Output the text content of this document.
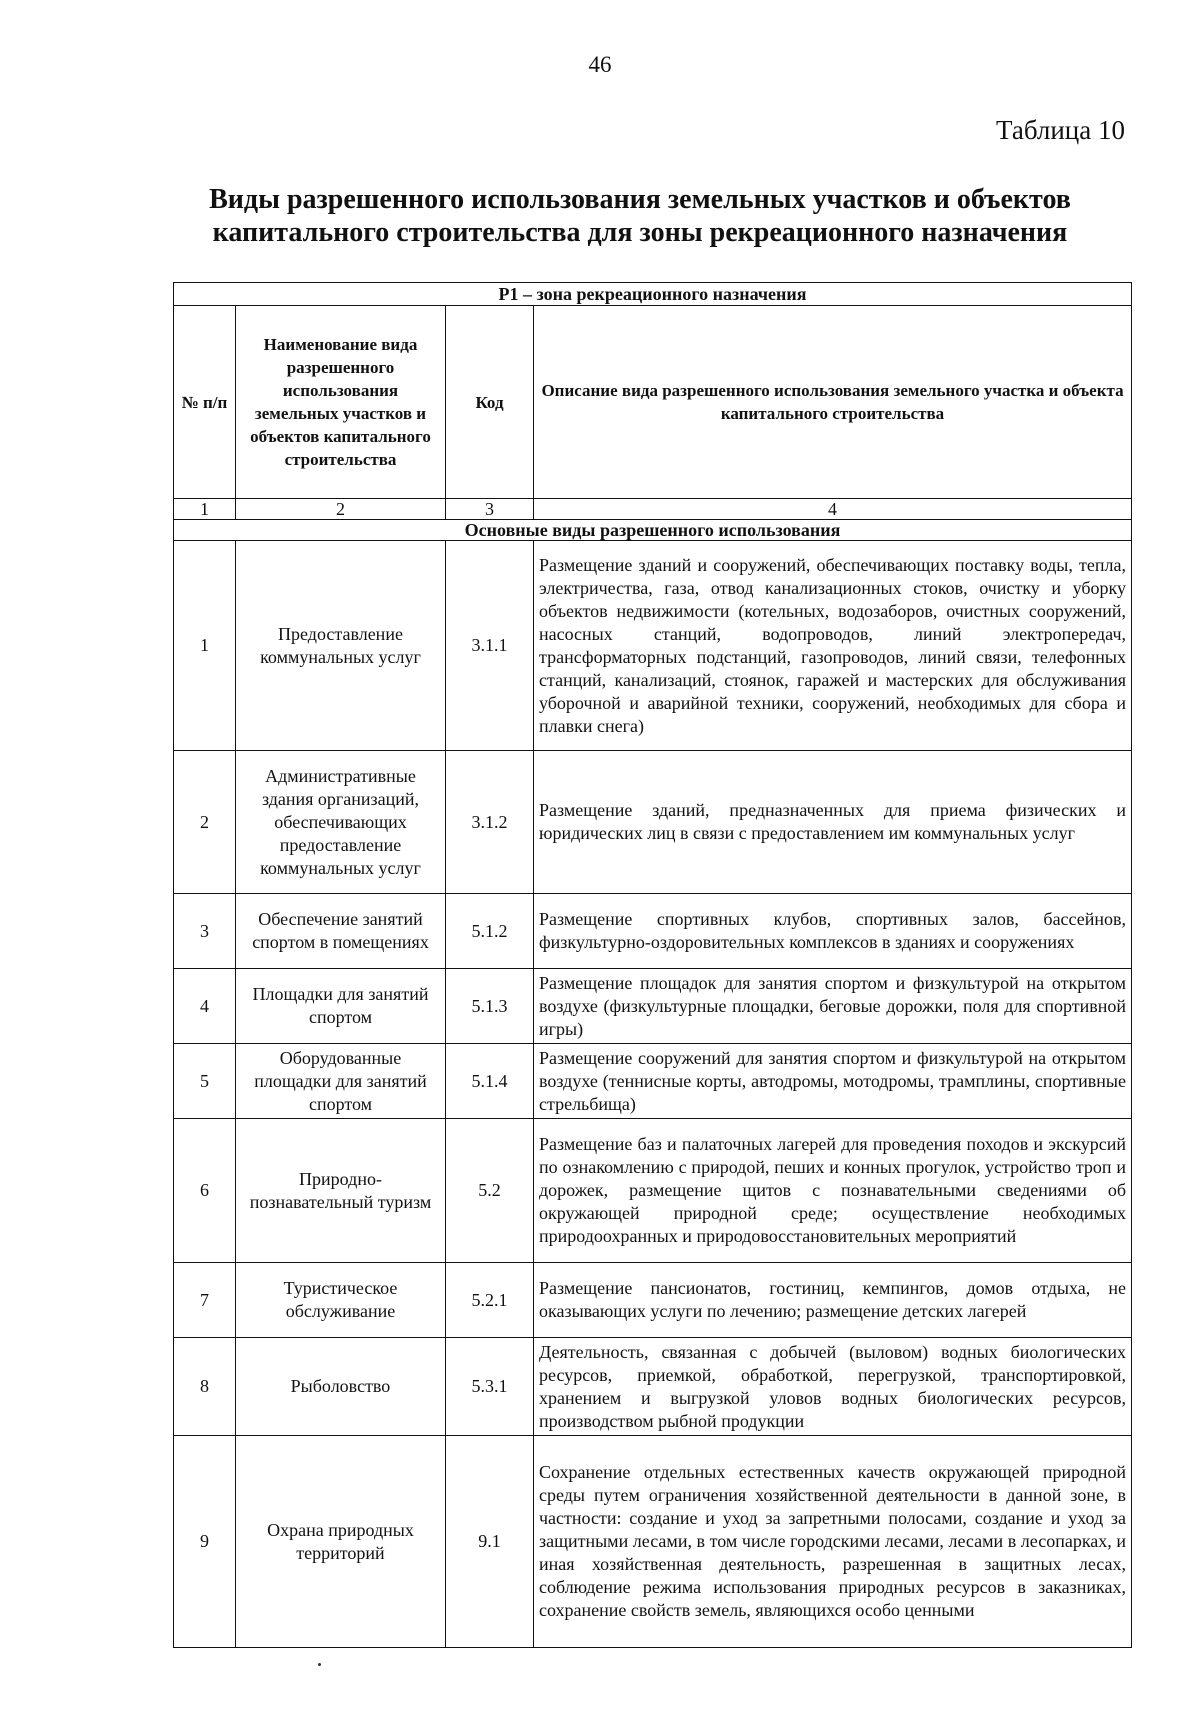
46
Таблица 10
Виды разрешенного использования земельных участков и объектов капитального строительства для зоны рекреационного назначения
Р1 – зона рекреационного назначения			
№ п/п	Наименование вида разрешенного использования земельных участков и объектов капитального строительства	Код	Описание вида разрешенного использования земельного участка и объекта капитального строительства
1	2	3	4
Основные виды разрешенного использования			
1	Предоставление коммунальных услуг	3.1.1	Размещение зданий и сооружений, обеспечивающих поставку воды, тепла, электричества, газа, отвод канализационных стоков, очистку и уборку объектов недвижимости (котельных, водозаборов, очистных сооружений, насосных станций, водопроводов, линий электропередач, трансформаторных подстанций, газопроводов, линий связи, телефонных станций, канализаций, стоянок, гаражей и мастерских для обслуживания уборочной и аварийной техники, сооружений, необходимых для сбора и плавки снега)
2	Административные здания организаций, обеспечивающих предоставление коммунальных услуг	3.1.2	Размещение зданий, предназначенных для приема физических и юридических лиц в связи с предоставлением им коммунальных услуг
3	Обеспечение занятий спортом в помещениях	5.1.2	Размещение спортивных клубов, спортивных залов, бассейнов, физкультурно-оздоровительных комплексов в зданиях и сооружениях
4	Площадки для занятий спортом	5.1.3	Размещение площадок для занятия спортом и физкультурой на открытом воздухе (физкультурные площадки, беговые дорожки, поля для спортивной игры)
5	Оборудованные площадки для занятий спортом	5.1.4	Размещение сооружений для занятия спортом и физкультурой на открытом воздухе (теннисные корты, автодромы, мотодромы, трамплины, спортивные стрельбища)
6	Природно-познавательный туризм	5.2	Размещение баз и палаточных лагерей для проведения походов и экскурсий по ознакомлению с природой, пеших и конных прогулок, устройство троп и дорожек, размещение щитов с познавательными сведениями об окружающей природной среде; осуществление необходимых природоохранных и природовосстановительных мероприятий
7	Туристическое обслуживание	5.2.1	Размещение пансионатов, гостиниц, кемпингов, домов отдыха, не оказывающих услуги по лечению; размещение детских лагерей
8	Рыболовство	5.3.1	Деятельность, связанная с добычей (выловом) водных биологических ресурсов, приемкой, обработкой, перегрузкой, транспортировкой, хранением и выгрузкой уловов водных биологических ресурсов, производством рыбной продукции
9	Охрана природных территорий	9.1	Сохранение отдельных естественных качеств окружающей природной среды путем ограничения хозяйственной деятельности в данной зоне, в частности: создание и уход за запретными полосами, создание и уход за защитными лесами, в том числе городскими лесами, лесами в лесопарках, и иная хозяйственная деятельность, разрешенная в защитных лесах, соблюдение режима использования природных ресурсов в заказниках, сохранение свойств земель, являющихся особо ценными
